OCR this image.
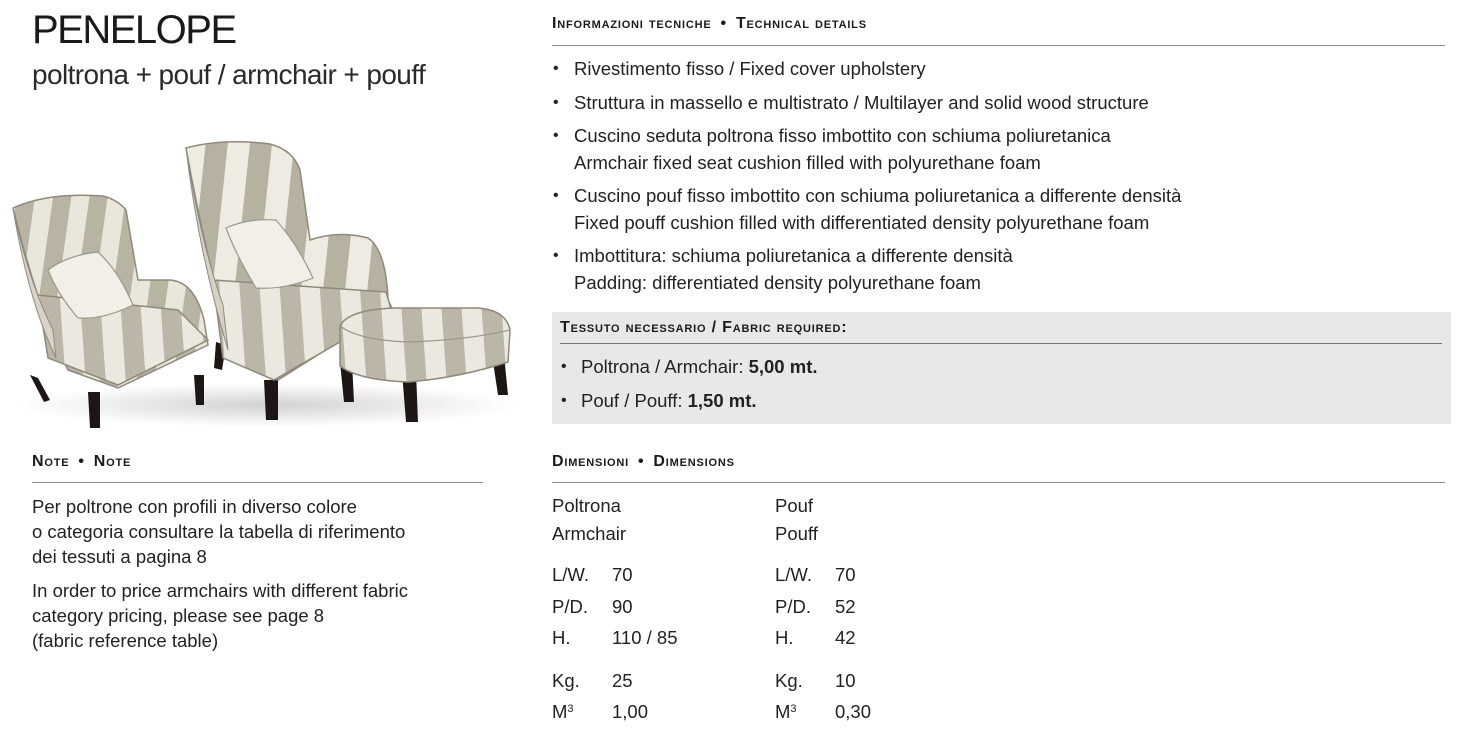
PENELOPE
poltrona + pouf / armchair + pouff
Note • Note
Per poltrone con profili in diverso colore
o categoria consultare la tabella di riferimento
dei tessuti a pagina 8
In order to price armchairs with different fabric
category pricing, please see page 8
(fabric reference table)
Informazioni tecniche • Technical details
• Rivestimento fisso / Fixed cover upholstery
• Struttura in massello e multistrato / Multilayer and solid wood structure
• Cuscino seduta poltrona fisso imbottito con schiuma poliuretanica
Armchair fixed seat cushion filled with polyurethane foam
• Cuscino pouf fisso imbottito con schiuma poliuretanica a differente densità
Fixed pouff cushion filled with differentiated density polyurethane foam
• Imbottitura: schiuma poliuretanica a differente densità
Padding: differentiated density polyurethane foam
Tessuto necessario / Fabric required:
• Poltrona / Armchair: 5,00 mt.
• Pouf / Pouff: 1,50 mt.
Dimensioni • Dimensions
Poltrona
Armchair
L/W. 70
P/D. 90
H. 110 / 85
Kg. 25
$M^3$ 1,00
Pouf
Pouff
L/W. 70
P/D. 52
H. 42
Kg. 10
$M^3$ 0,30
